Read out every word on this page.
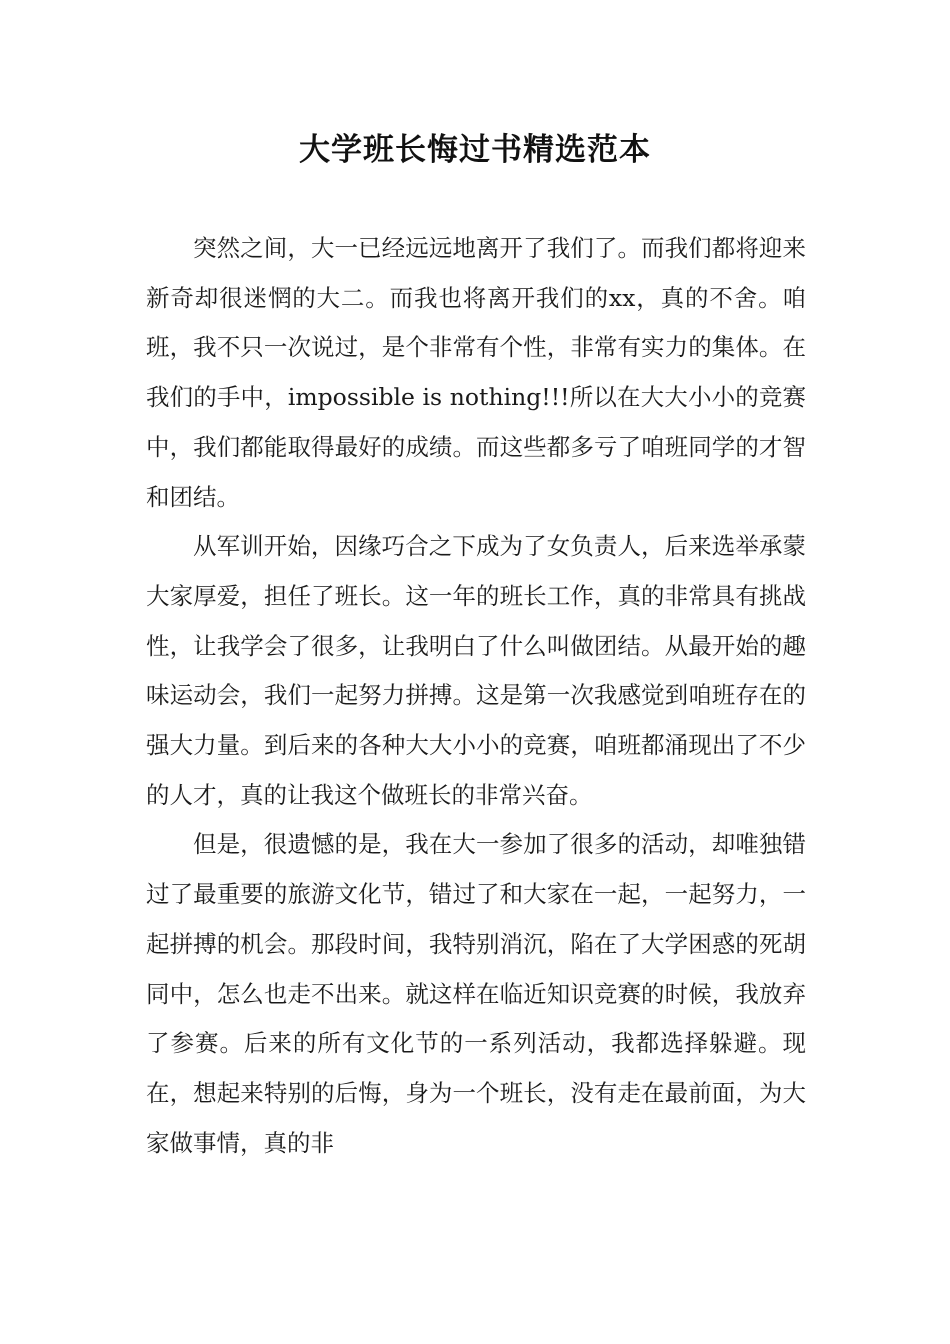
大学班长悔过书精选范本

突然之间，大一已经远远地离开了我们了。而我们都将迎来新奇却很迷惘的大二。而我也将离开我们的xx，真的不舍。咱班，我不只一次说过，是个非常有个性，非常有实力的集体。在我们的手中，impossible is nothing!!!所以在大大小小的竞赛中，我们都能取得最好的成绩。而这些都多亏了咱班同学的才智和团结。

从军训开始，因缘巧合之下成为了女负责人，后来选举承蒙大家厚爱，担任了班长。这一年的班长工作，真的非常具有挑战性，让我学会了很多，让我明白了什么叫做团结。从最开始的趣味运动会，我们一起努力拼搏。这是第一次我感觉到咱班存在的强大力量。到后来的各种大大小小的竞赛，咱班都涌现出了不少的人才，真的让我这个做班长的非常兴奋。

但是，很遗憾的是，我在大一参加了很多的活动，却唯独错过了最重要的旅游文化节，错过了和大家在一起，一起努力，一起拼搏的机会。那段时间，我特别消沉，陷在了大学困惑的死胡同中，怎么也走不出来。就这样在临近知识竞赛的时候，我放弃了参赛。后来的所有文化节的一系列活动，我都选择躲避。现在，想起来特别的后悔，身为一个班长，没有走在最前面，为大家做事情，真的非
